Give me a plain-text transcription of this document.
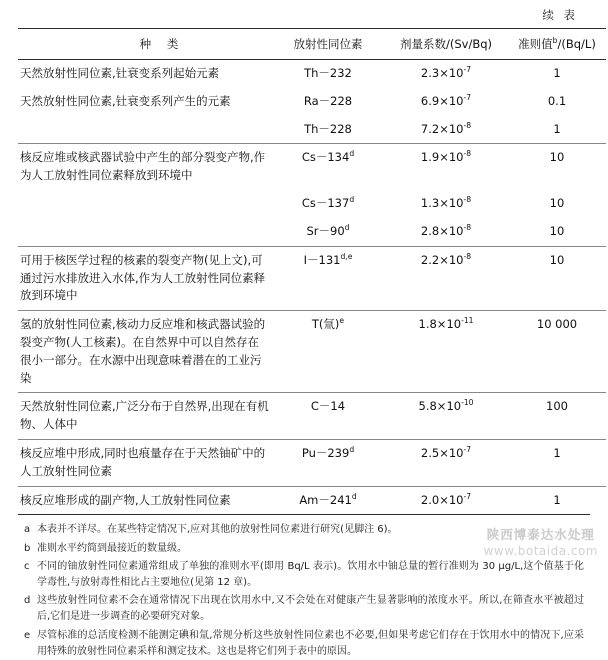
续 表
种 类	放射性同位素	剂量系数/(Sv/Bq)	准则值$^b$/(Bq/L)
天然放射性同位素,钍衰变系列起始元素	Th－232	$2.3\times 10^{-7}$	1
天然放射性同位素,钍衰变系列产生的元素	Ra－228	$6.9\times 10^{-7}$	0.1
	Th－228	$7.2\times 10^{-8}$	1
核反应堆或核武器试验中产生的部分裂变产物,作为人工放射性同位素释放到环境中	$Cs-134^d$	$1.9\times 10^{-8}$	10
	$Cs-137^d$	$1.3\times 10^{-8}$	10
	$Sr-90^d$	$2.8\times 10^{-8}$	10
可用于核医学过程的核素的裂变产物(见上文),可通过污水排放进入水体,作为人工放射性同位素释放到环境中	$I-131^{d,e}$	$2.2\times 10^{-8}$	10
氢的放射性同位素,核动力反应堆和核武器试验的裂变产物(人工核素)。在自然界中可以自然存在很小一部分。在水源中出现意味着潜在的工业污染	T(氚)$^e$	$1.8\times 10^{-11}$	10 000
天然放射性同位素,广泛分布于自然界,出现在有机物、人体中	C－14	$5.8\times 10^{-10}$	100
核反应堆中形成,同时也痕量存在于天然铀矿中的人工放射性同位素	$Pu-239^d$	$2.5\times 10^{-7}$	1
核反应堆形成的副产物,人工放射性同位素	$Am-241^d$	$2.0\times 10^{-7}$	1
a 本表并不详尽。在某些特定情况下,应对其他的放射性同位素进行研究(见脚注 6)。
b 准则水平约简到最接近的数量级。
c 不同的铀放射性同位素通常组成了单独的准则水平(即用 Bq/L 表示)。饮用水中铀总量的暂行准则为 30 μg/L,这个值基于化学毒性,与放射毒性相比占主要地位(见第 12 章)。
d 这些放射性同位素不会在通常情况下出现在饮用水中,又不会处在对健康产生显著影响的浓度水平。所以,在筛查水平被超过后,它们是进一步调查的必要研究对象。
e 尽管标准的总活度检测不能测定碘和氚,常规分析这些放射性同位素也不必要,但如果考虑它们存在于饮用水中的情况下,应采用特殊的放射性同位素采样和测定技术。这也是将它们列于表中的原因。
陕西博泰达水处理
www.botaida.com
